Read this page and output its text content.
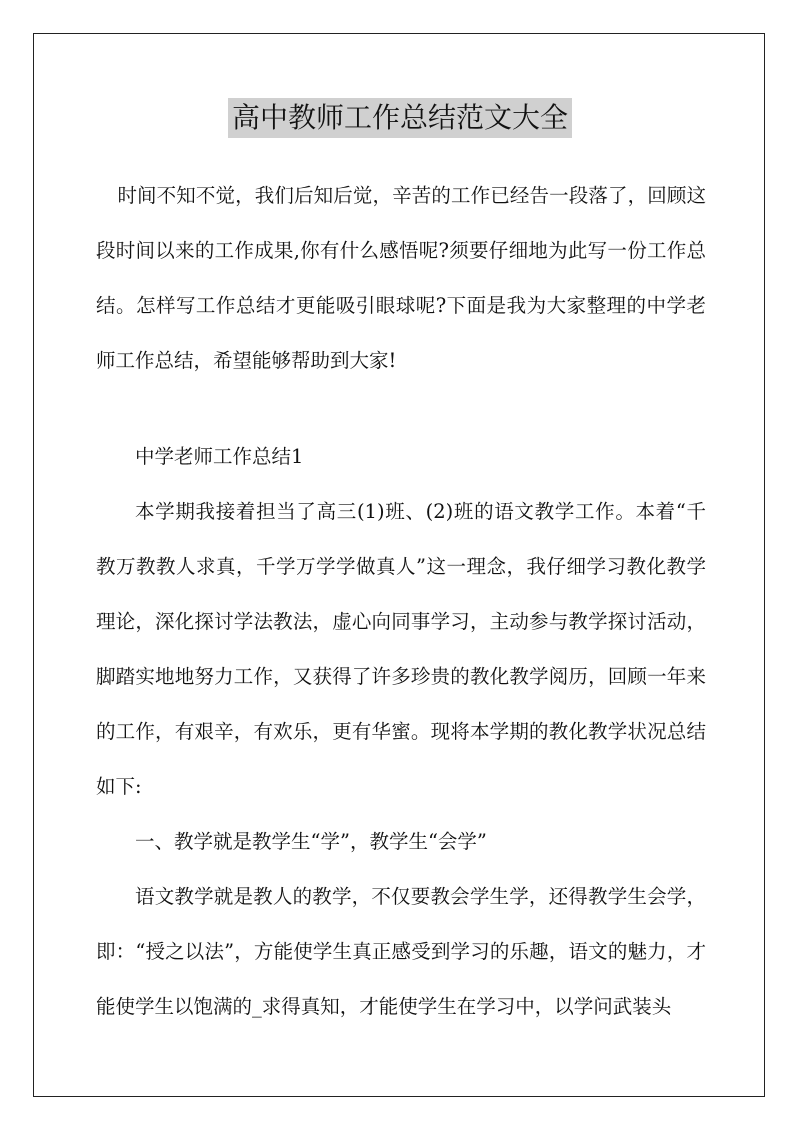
高中教师工作总结范文大全

时间不知不觉，我们后知后觉，辛苦的工作已经告一段落了，回顾这段时间以来的工作成果,你有什么感悟呢?须要仔细地为此写一份工作总结。怎样写工作总结才更能吸引眼球呢?下面是我为大家整理的中学老师工作总结，希望能够帮助到大家!

中学老师工作总结1

本学期我接着担当了高三(1)班、(2)班的语文教学工作。本着“千教万教教人求真，千学万学学做真人”这一理念，我仔细学习教化教学理论，深化探讨学法教法，虚心向同事学习，主动参与教学探讨活动，脚踏实地地努力工作，又获得了许多珍贵的教化教学阅历，回顾一年来的工作，有艰辛，有欢乐，更有华蜜。现将本学期的教化教学状况总结如下:

一、教学就是教学生“学”，教学生“会学”

语文教学就是教人的教学，不仅要教会学生学，还得教学生会学，即：“授之以法”，方能使学生真正感受到学习的乐趣，语文的魅力，才能使学生以饱满的_求得真知，才能使学生在学习中，以学问武装头
